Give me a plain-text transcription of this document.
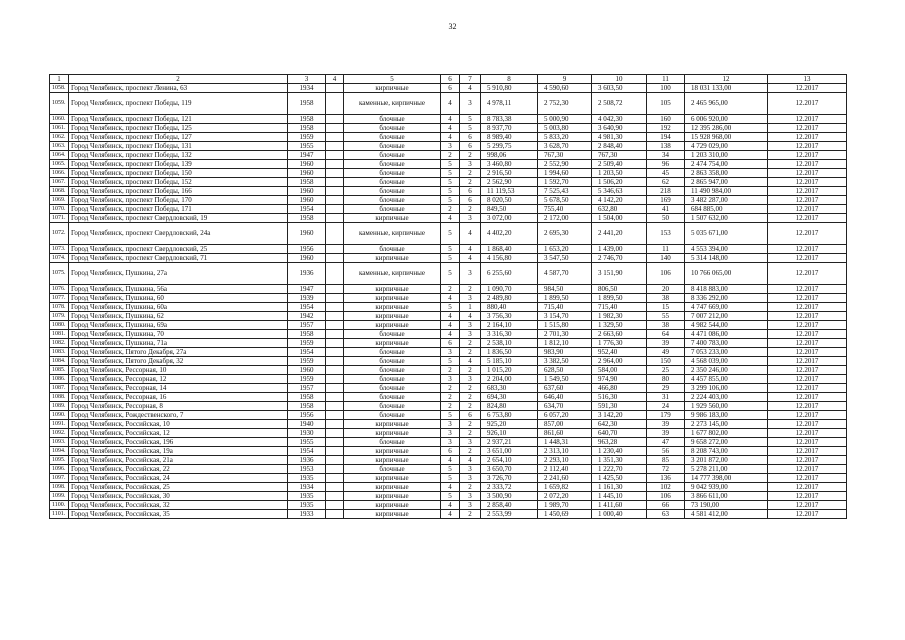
32
1	2	3	4	5	6	7	8	9	10	11	12	13
1058.	Город Челябинск, проспект Ленина, 63	1934		кирпичные	6	4	5 910,80	4 590,60	3 603,50	100	18 031 133,00	12.2017
1059.	Город Челябинск, проспект Победы, 119	1958		каменные, кирпичные	4	3	4 978,11	2 752,30	2 508,72	105	2 465 965,00	12.2017
1060.	Город Челябинск, проспект Победы, 121	1958		блочные	4	5	8 783,38	5 000,90	4 042,30	160	6 006 920,00	12.2017
1061.	Город Челябинск, проспект Победы, 125	1958		блочные	4	5	8 937,70	5 003,80	3 640,90	192	12 395 286,00	12.2017
1062.	Город Челябинск, проспект Победы, 127	1959		блочные	4	6	8 989,40	5 833,20	4 981,30	194	15 928 968,00	12.2017
1063.	Город Челябинск, проспект Победы, 131	1955		блочные	3	6	5 299,75	3 628,70	2 848,40	138	4 729 029,00	12.2017
1064.	Город Челябинск, проспект Победы, 132	1947		блочные	2	2	998,06	767,30	767,30	34	1 203 310,00	12.2017
1065.	Город Челябинск, проспект Победы, 139	1960		блочные	5	3	3 460,80	2 552,90	2 509,40	96	2 474 754,00	12.2017
1066.	Город Челябинск, проспект Победы, 150	1960		блочные	5	2	2 916,50	1 994,60	1 203,50	45	2 863 358,00	12.2017
1067.	Город Челябинск, проспект Победы, 152	1958		блочные	5	2	2 562,90	1 592,70	1 506,20	62	2 865 947,00	12.2017
1068.	Город Челябинск, проспект Победы, 166	1960		блочные	5	6	11 119,53	7 525,43	5 346,63	218	11 490 984,00	12.2017
1069.	Город Челябинск, проспект Победы, 170	1960		блочные	5	6	8 020,50	5 678,50	4 142,20	169	3 482 287,00	12.2017
1070.	Город Челябинск, проспект Победы, 171	1954		блочные	2	2	849,50	755,40	632,80	41	684 885,00	12.2017
1071.	Город Челябинск, проспект Свердловский, 19	1958		кирпичные	4	3	3 072,00	2 172,00	1 504,00	50	1 507 632,00	12.2017
1072.	Город Челябинск, проспект Свердловский, 24а	1960		каменные, кирпичные	5	4	4 402,20	2 695,30	2 441,20	153	5 035 671,00	12.2017
1073.	Город Челябинск, проспект Свердловский, 25	1956		блочные	5	4	1 868,40	1 653,20	1 439,00	11	4 553 394,00	12.2017
1074.	Город Челябинск, проспект Свердловский, 71	1960		кирпичные	5	4	4 156,80	3 547,50	2 746,70	140	5 314 148,00	12.2017
1075.	Город Челябинск, Пушкина, 27а	1936		каменные, кирпичные	5	3	6 255,60	4 587,70	3 151,90	106	10 766 065,00	12.2017
1076.	Город Челябинск, Пушкина, 56а	1947		кирпичные	2	2	1 090,70	984,50	806,50	20	8 418 883,00	12.2017
1077.	Город Челябинск, Пушкина, 60	1939		кирпичные	4	3	2 489,80	1 899,50	1 899,50	38	8 336 292,00	12.2017
1078.	Город Челябинск, Пушкина, 60а	1954		кирпичные	5	1	880,40	715,40	715,40	15	4 747 669,00	12.2017
1079.	Город Челябинск, Пушкина, 62	1942		кирпичные	4	4	3 756,30	3 154,70	1 982,30	55	7 007 212,00	12.2017
1080.	Город Челябинск, Пушкина, 69а	1957		кирпичные	4	3	2 164,10	1 515,80	1 329,50	38	4 982 544,00	12.2017
1081.	Город Челябинск, Пушкина, 70	1958		блочные	4	3	3 316,30	2 701,30	2 663,60	64	4 471 086,00	12.2017
1082.	Город Челябинск, Пушкина, 71а	1959		кирпичные	6	2	2 538,10	1 812,10	1 776,30	39	7 400 783,00	12.2017
1083.	Город Челябинск, Пятого Декабря, 27а	1954		блочные	3	2	1 836,50	983,90	952,40	49	7 053 233,00	12.2017
1084.	Город Челябинск, Пятого Декабря, 32	1959		блочные	5	4	5 185,10	3 382,50	2 964,00	150	4 568 039,00	12.2017
1085.	Город Челябинск, Рессорная, 10	1960		блочные	2	2	1 015,20	628,50	584,00	25	2 350 246,00	12.2017
1086.	Город Челябинск, Рессорная, 12	1959		блочные	3	3	2 204,00	1 549,50	974,90	80	4 457 855,00	12.2017
1087.	Город Челябинск, Рессорная, 14	1957		блочные	2	2	683,30	637,60	466,80	29	3 299 106,00	12.2017
1088.	Город Челябинск, Рессорная, 16	1958		блочные	2	2	694,30	646,40	516,30	31	2 224 403,00	12.2017
1089.	Город Челябинск, Рессорная, 8	1958		блочные	2	2	824,80	634,70	591,30	24	1 929 560,00	12.2017
1090.	Город Челябинск, Рождественского, 7	1956		блочные	5	6	6 753,80	6 057,20	3 142,20	179	9 986 183,00	12.2017
1091.	Город Челябинск, Российская, 10	1940		кирпичные	3	2	925,20	857,00	642,30	39	2 273 145,00	12.2017
1092.	Город Челябинск, Российская, 12	1930		кирпичные	3	2	926,10	861,60	640,70	39	1 677 802,00	12.2017
1093.	Город Челябинск, Российская, 196	1955		блочные	3	3	2 937,21	1 448,31	963,28	47	9 658 272,00	12.2017
1094.	Город Челябинск, Российская, 19а	1954		кирпичные	6	2	3 651,00	2 313,10	1 230,40	56	8 208 743,00	12.2017
1095.	Город Челябинск, Российская, 21а	1936		кирпичные	4	4	2 654,10	2 293,10	1 351,30	85	3 201 872,00	12.2017
1096.	Город Челябинск, Российская, 22	1953		блочные	5	3	3 650,70	2 112,40	1 222,70	72	5 278 211,00	12.2017
1097.	Город Челябинск, Российская, 24	1935		кирпичные	5	3	3 726,70	2 241,60	1 425,50	136	14 777 398,00	12.2017
1098.	Город Челябинск, Российская, 25	1934		кирпичные	4	2	2 333,72	1 659,82	1 161,30	102	9 042 939,00	12.2017
1099.	Город Челябинск, Российская, 30	1935		кирпичные	5	3	3 500,90	2 072,20	1 445,10	106	3 866 611,00	12.2017
1100.	Город Челябинск, Российская, 32	1935		кирпичные	4	3	2 858,40	1 989,70	1 411,60	66	73 190,00	12.2017
1101.	Город Челябинск, Российская, 35	1933		кирпичные	4	2	2 553,99	1 450,69	1 000,40	63	4 581 412,00	12.2017
